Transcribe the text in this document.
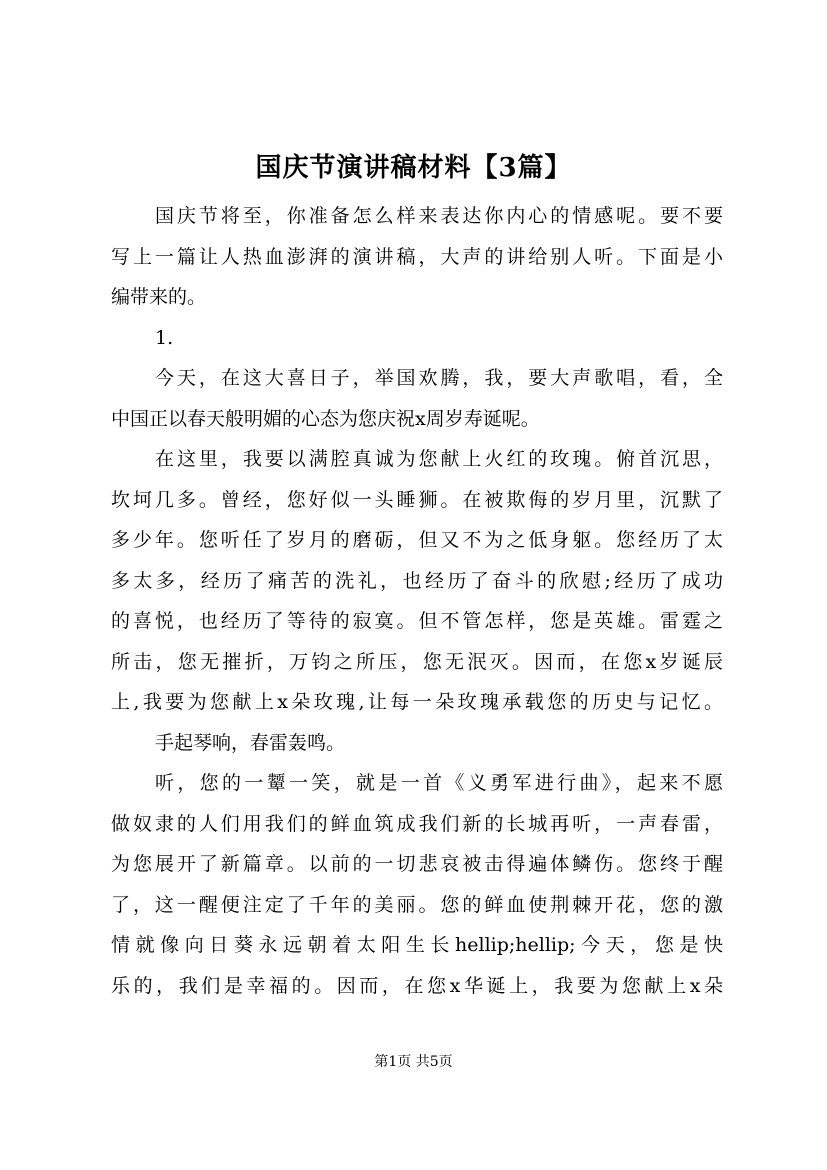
国庆节演讲稿材料【3篇】
国庆节将至，你准备怎么样来表达你内心的情感呢。要不要
写上一篇让人热血澎湃的演讲稿，大声的讲给别人听。下面是小
编带来的。
1.
今天，在这大喜日子，举国欢腾，我，要大声歌唱，看，全
中国正以春天般明媚的心态为您庆祝x周岁寿诞呢。
在这里，我要以满腔真诚为您献上火红的玫瑰。俯首沉思，
坎坷几多。曾经，您好似一头睡狮。在被欺侮的岁月里，沉默了
多少年。您听任了岁月的磨砺，但又不为之低身躯。您经历了太
多太多，经历了痛苦的洗礼，也经历了奋斗的欣慰;经历了成功
的喜悦，也经历了等待的寂寞。但不管怎样，您是英雄。雷霆之
所击，您无摧折，万钧之所压，您无泯灭。因而，在您x岁诞辰
上,我要为您献上x朵玫瑰,让每一朵玫瑰承载您的历史与记忆。
手起琴响，春雷轰鸣。
听，您的一颦一笑，就是一首《义勇军进行曲》，起来不愿
做奴隶的人们用我们的鲜血筑成我们新的长城再听，一声春雷，
为您展开了新篇章。以前的一切悲哀被击得遍体鳞伤。您终于醒
了，这一醒便注定了千年的美丽。您的鲜血使荆棘开花，您的激
情就像向日葵永远朝着太阳生长hellip;hellip;今天，您是快
乐的，我们是幸福的。因而，在您x华诞上，我要为您献上x朵
第1页 共5页
